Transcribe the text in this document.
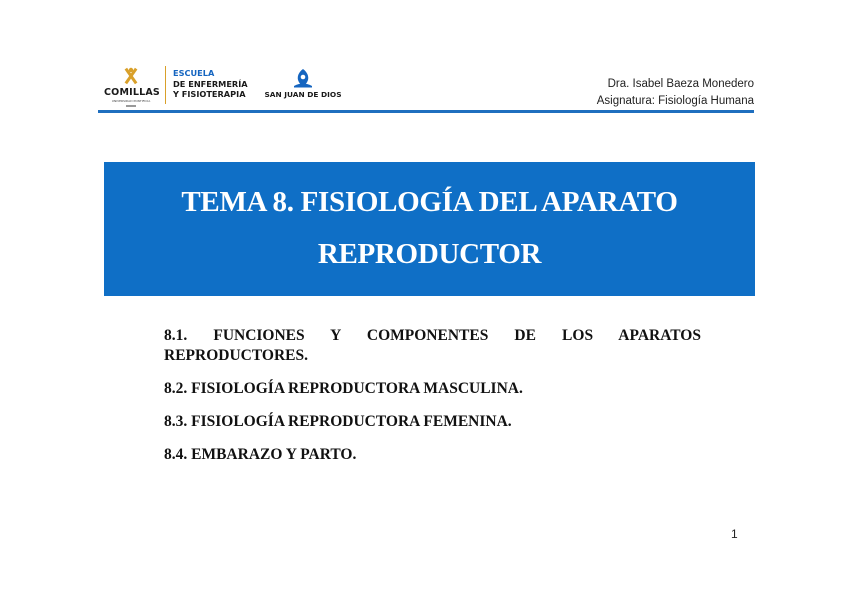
COMILLAS
UNIVERSIDAD PONTIFICIA
ESCUELA
DE ENFERMERÍA
Y FISIOTERAPIA	SAN JUAN DE DIOS
Dra. Isabel Baeza Monedero
Asignatura: Fisiología Humana
TEMA 8. FISIOLOGÍA DEL APARATO
REPRODUCTOR
8.1. FUNCIONES Y COMPONENTES DE LOS APARATOS REPRODUCTORES.
8.2. FISIOLOGÍA REPRODUCTORA MASCULINA.
8.3. FISIOLOGÍA REPRODUCTORA FEMENINA.
8.4. EMBARAZO Y PARTO.
1
